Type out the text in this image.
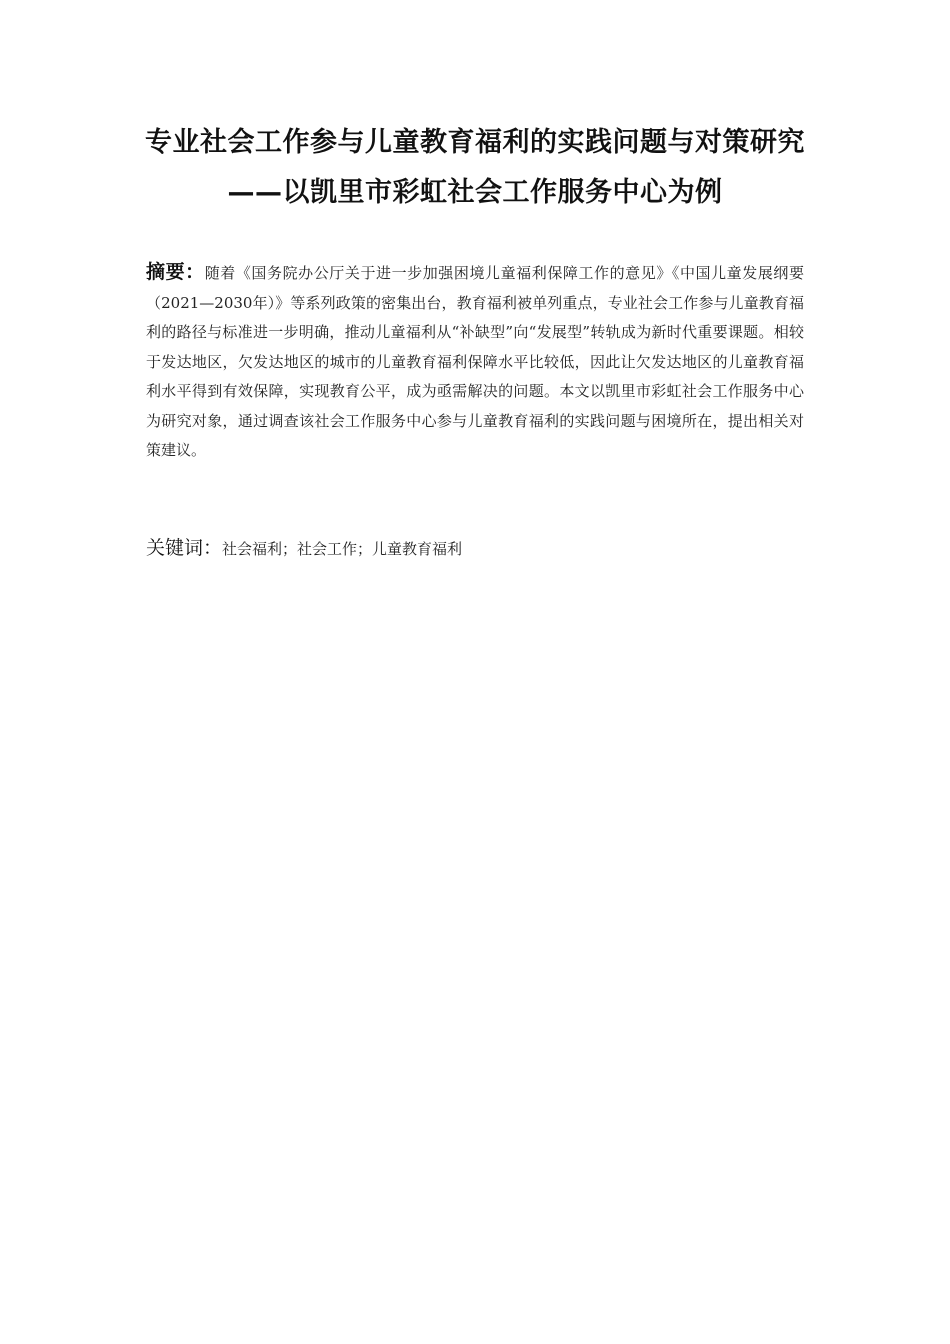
专业社会工作参与儿童教育福利的实践问题与对策研究——以凯里市彩虹社会工作服务中心为例
摘要：随着《国务院办公厅关于进一步加强困境儿童福利保障工作的意见》《中国儿童发展纲要（2021—2030年）》等系列政策的密集出台，教育福利被单列重点，专业社会工作参与儿童教育福利的路径与标准进一步明确，推动儿童福利从“补缺型”向“发展型”转轨成为新时代重要课题。相较于发达地区，欠发达地区的城市的儿童教育福利保障水平比较低，因此让欠发达地区的儿童教育福利水平得到有效保障，实现教育公平，成为亟需解决的问题。本文以凯里市彩虹社会工作服务中心为研究对象，通过调查该社会工作服务中心参与儿童教育福利的实践问题与困境所在，提出相关对策建议。
关键词：社会福利；社会工作；儿童教育福利
